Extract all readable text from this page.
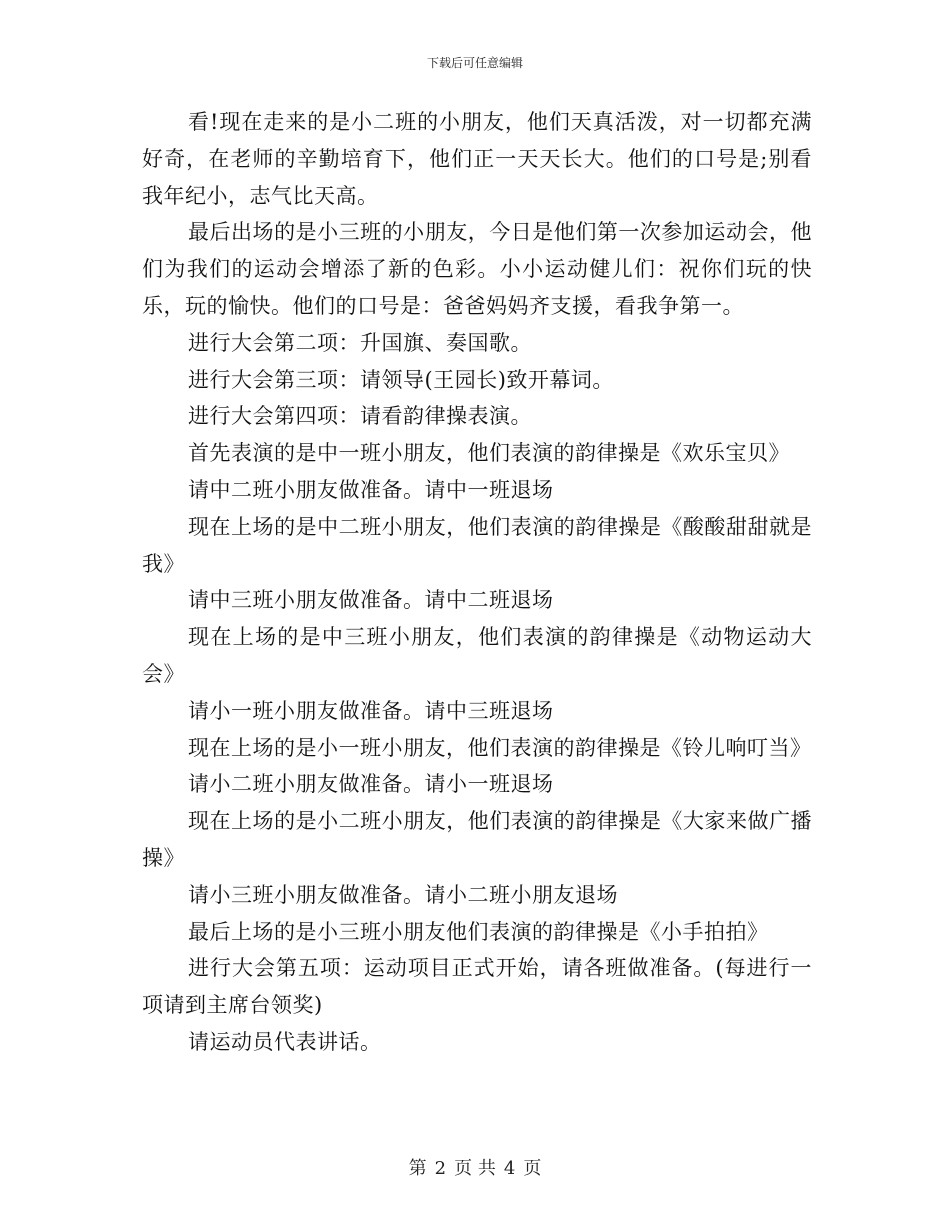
下载后可任意编辑

看!现在走来的是小二班的小朋友，他们天真活泼，对一切都充满好奇，在老师的辛勤培育下，他们正一天天长大。他们的口号是;别看我年纪小，志气比天高。

最后出场的是小三班的小朋友，今日是他们第一次参加运动会，他们为我们的运动会增添了新的色彩。小小运动健儿们：祝你们玩的快乐，玩的愉快。他们的口号是：爸爸妈妈齐支援，看我争第一。

进行大会第二项：升国旗、奏国歌。

进行大会第三项：请领导(王园长)致开幕词。

进行大会第四项：请看韵律操表演。

首先表演的是中一班小朋友，他们表演的韵律操是《欢乐宝贝》

请中二班小朋友做准备。请中一班退场

现在上场的是中二班小朋友，他们表演的韵律操是《酸酸甜甜就是我》

请中三班小朋友做准备。请中二班退场

现在上场的是中三班小朋友，他们表演的韵律操是《动物运动大会》

请小一班小朋友做准备。请中三班退场

现在上场的是小一班小朋友，他们表演的韵律操是《铃儿响叮当》

请小二班小朋友做准备。请小一班退场

现在上场的是小二班小朋友，他们表演的韵律操是《大家来做广播操》

请小三班小朋友做准备。请小二班小朋友退场

最后上场的是小三班小朋友他们表演的韵律操是《小手拍拍》

进行大会第五项：运动项目正式开始，请各班做准备。(每进行一项请到主席台领奖)

请运动员代表讲话。

第 2 页 共 4 页
